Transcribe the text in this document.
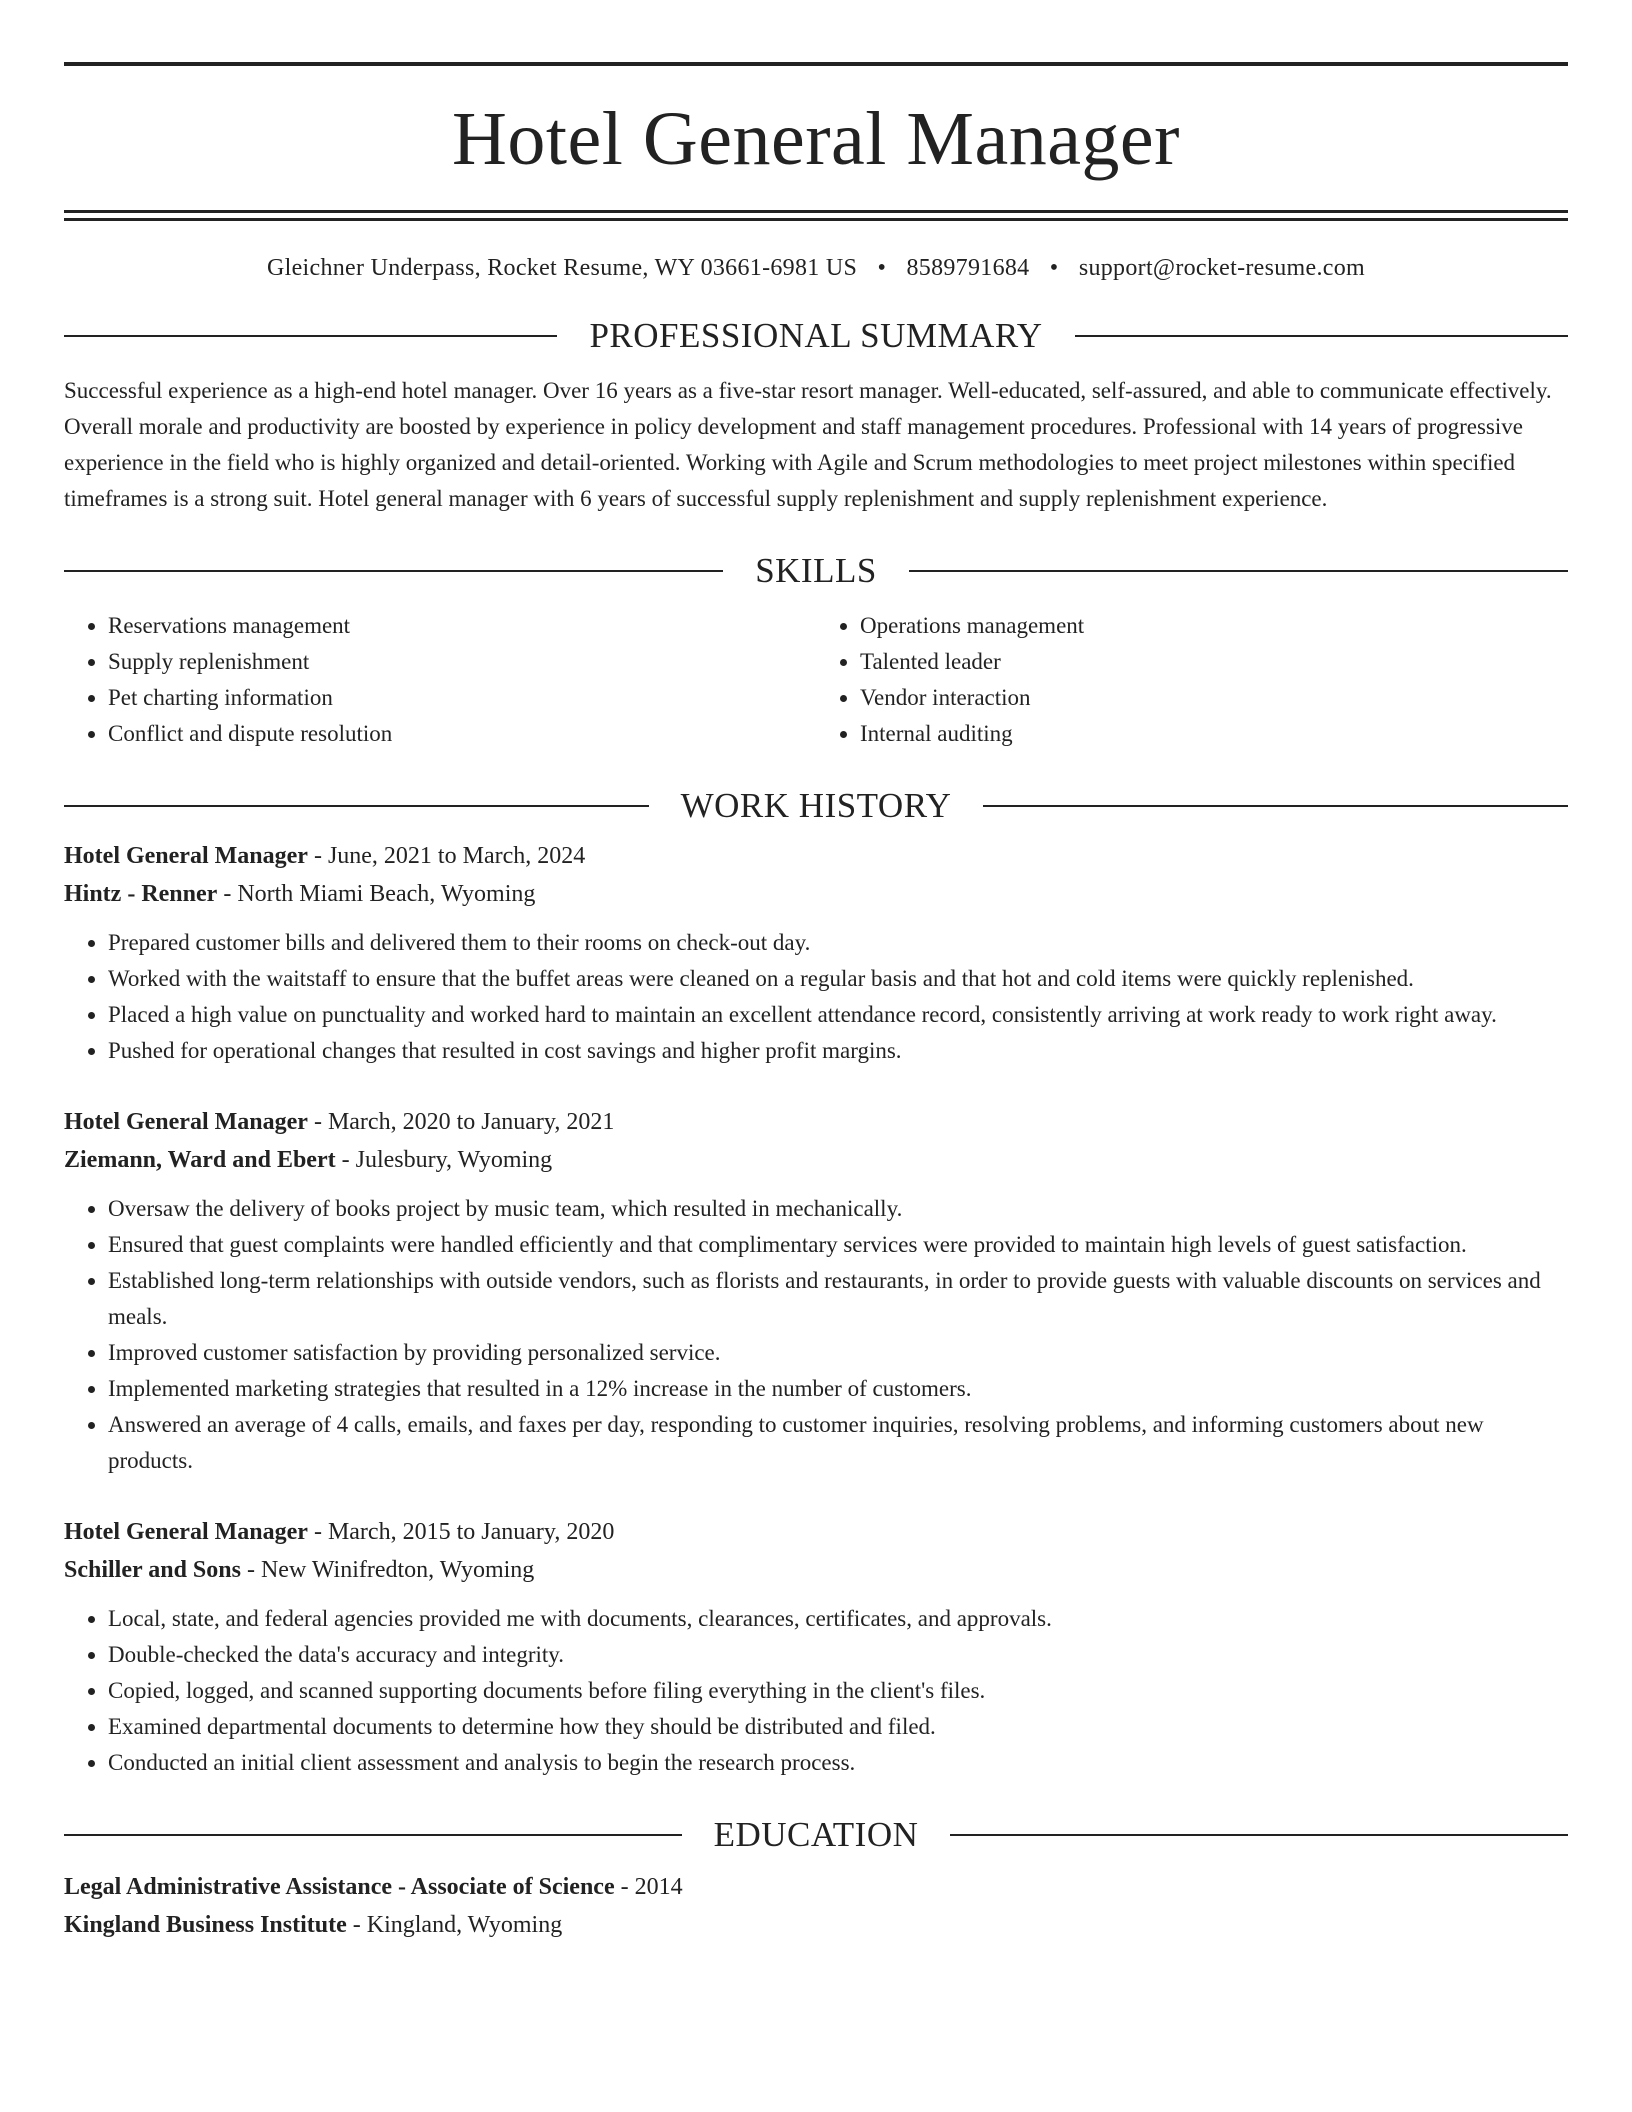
Hotel General Manager
Gleichner Underpass, Rocket Resume, WY 03661-6981 US • 8589791684 • support@rocket-resume.com
PROFESSIONAL SUMMARY
Successful experience as a high-end hotel manager. Over 16 years as a five-star resort manager. Well-educated, self-assured, and able to communicate effectively. Overall morale and productivity are boosted by experience in policy development and staff management procedures. Professional with 14 years of progressive experience in the field who is highly organized and detail-oriented. Working with Agile and Scrum methodologies to meet project milestones within specified timeframes is a strong suit. Hotel general manager with 6 years of successful supply replenishment and supply replenishment experience.
SKILLS
• Reservations management
• Supply replenishment
• Pet charting information
• Conflict and dispute resolution
• Operations management
• Talented leader
• Vendor interaction
• Internal auditing
WORK HISTORY
Hotel General Manager - June, 2021 to March, 2024
Hintz - Renner - North Miami Beach, Wyoming
• Prepared customer bills and delivered them to their rooms on check-out day.
• Worked with the waitstaff to ensure that the buffet areas were cleaned on a regular basis and that hot and cold items were quickly replenished.
• Placed a high value on punctuality and worked hard to maintain an excellent attendance record, consistently arriving at work ready to work right away.
• Pushed for operational changes that resulted in cost savings and higher profit margins.
Hotel General Manager - March, 2020 to January, 2021
Ziemann, Ward and Ebert - Julesbury, Wyoming
• Oversaw the delivery of books project by music team, which resulted in mechanically.
• Ensured that guest complaints were handled efficiently and that complimentary services were provided to maintain high levels of guest satisfaction.
• Established long-term relationships with outside vendors, such as florists and restaurants, in order to provide guests with valuable discounts on services and meals.
• Improved customer satisfaction by providing personalized service.
• Implemented marketing strategies that resulted in a 12% increase in the number of customers.
• Answered an average of 4 calls, emails, and faxes per day, responding to customer inquiries, resolving problems, and informing customers about new products.
Hotel General Manager - March, 2015 to January, 2020
Schiller and Sons - New Winifredton, Wyoming
• Local, state, and federal agencies provided me with documents, clearances, certificates, and approvals.
• Double-checked the data's accuracy and integrity.
• Copied, logged, and scanned supporting documents before filing everything in the client's files.
• Examined departmental documents to determine how they should be distributed and filed.
• Conducted an initial client assessment and analysis to begin the research process.
EDUCATION
Legal Administrative Assistance - Associate of Science - 2014
Kingland Business Institute - Kingland, Wyoming
